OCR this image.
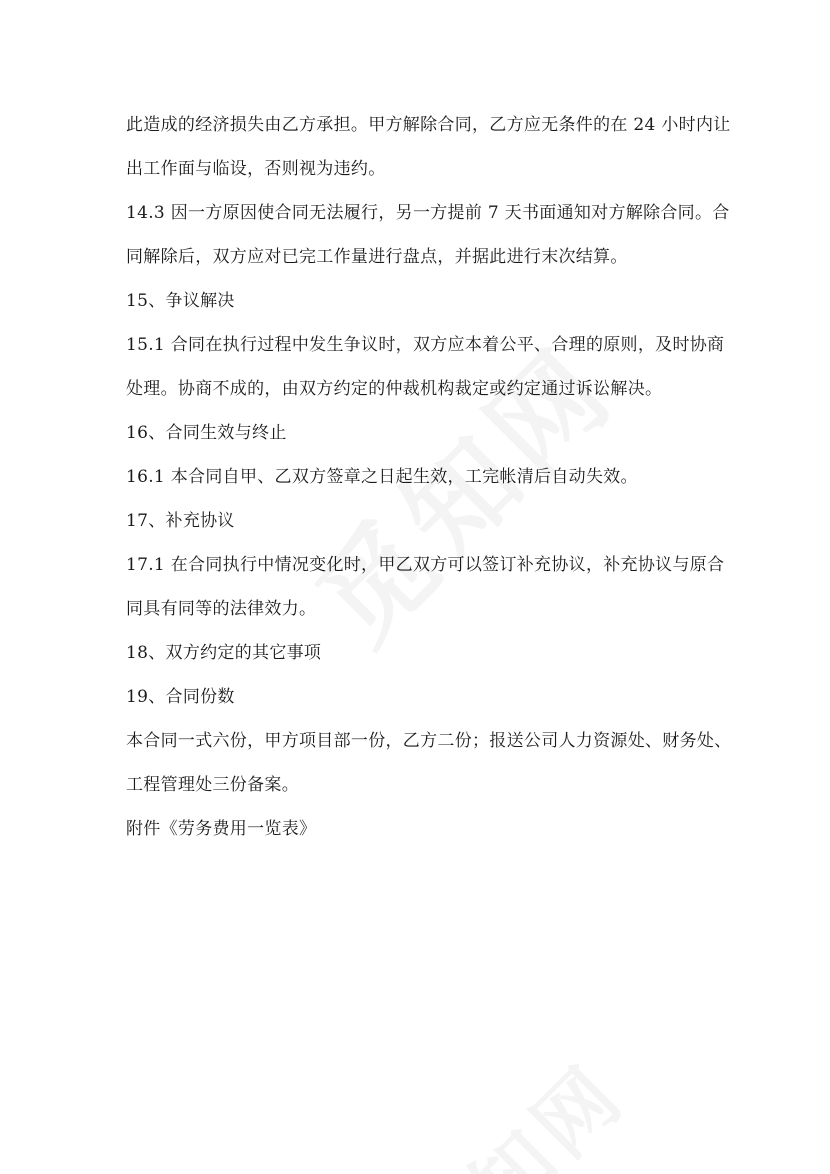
此造成的经济损失由乙方承担。甲方解除合同，乙方应无条件的在 24 小时内让
出工作面与临设，否则视为违约。
14.3 因一方原因使合同无法履行，另一方提前 7 天书面通知对方解除合同。合
同解除后，双方应对已完工作量进行盘点，并据此进行末次结算。
15、争议解决
15.1 合同在执行过程中发生争议时，双方应本着公平、合理的原则，及时协商
处理。协商不成的，由双方约定的仲裁机构裁定或约定通过诉讼解决。
16、合同生效与终止
16.1 本合同自甲、乙双方签章之日起生效，工完帐清后自动失效。
17、补充协议
17.1 在合同执行中情况变化时，甲乙双方可以签订补充协议，补充协议与原合
同具有同等的法律效力。
18、双方约定的其它事项
19、合同份数
本合同一式六份，甲方项目部一份，乙方二份；报送公司人力资源处、财务处、
工程管理处三份备案。
附件《劳务费用一览表》
